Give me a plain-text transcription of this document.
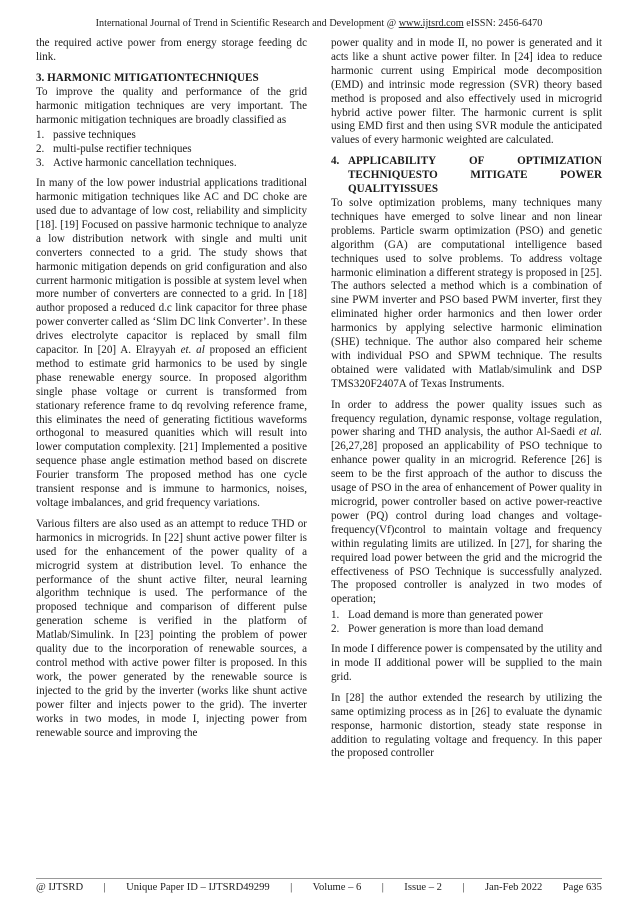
International Journal of Trend in Scientific Research and Development @ www.ijtsrd.com eISSN: 2456-6470

the required active power from energy storage feeding dc link.

3. HARMONIC MITIGATIONTECHNIQUES

To improve the quality and performance of the grid harmonic mitigation techniques are very important. The harmonic mitigation techniques are broadly classified as

1. passive techniques
2. multi-pulse rectifier techniques
3. Active harmonic cancellation techniques.

In many of the low power industrial applications traditional harmonic mitigation techniques like AC and DC choke are used due to advantage of low cost, reliability and simplicity [18]. [19] Focused on passive harmonic technique to analyze a low distribution network with single and multi unit converters connected to a grid. The study shows that harmonic mitigation depends on grid configuration and also current harmonic mitigation is possible at system level when more number of converters are connected to a grid. In [18] author proposed a reduced d.c link capacitor for three phase power converter called as ‘Slim DC link Converter’. In these drives electrolyte capacitor is replaced by small film capacitor. In [20] A. Elrayyah et. al proposed an efficient method to estimate grid harmonics to be used by single phase renewable energy source. In proposed algorithm single phase voltage or current is transformed from stationary reference frame to dq revolving reference frame, this eliminates the need of generating fictitious waveforms orthogonal to measured quanities which will result into lower computation complexity. [21] Implemented a positive sequence phase angle estimation method based on discrete Fourier transform The proposed method has one cycle transient response and is immune to harmonics, noises, voltage imbalances, and grid frequency variations.

Various filters are also used as an attempt to reduce THD or harmonics in microgrids. In [22] shunt active power filter is used for the enhancement of the power quality of a microgrid system at distribution level. To enhance the performance of the shunt active filter, neural learning algorithm technique is used. The performance of the proposed technique and comparison of different pulse generation scheme is verified in the platform of Matlab/Simulink. In [23] pointing the problem of power quality due to the incorporation of renewable sources, a control method with active power filter is proposed. In this work, the power generated by the renewable source is injected to the grid by the inverter (works like shunt active power filter and injects power to the grid). The inverter works in two modes, in mode I, injecting power from renewable source and improving the

power quality and in mode II, no power is generated and it acts like a shunt active power filter. In [24] idea to reduce harmonic current using Empirical mode decomposition (EMD) and intrinsic mode regression (SVR) theory based method is proposed and also effectively used in microgrid hybrid active power filter. The harmonic current is split using EMD first and then using SVR module the anticipated values of every harmonic weighted are calculated.

4. APPLICABILITY OF OPTIMIZATION TECHNIQUESTO MITIGATE POWER
QUALITYISSUES

To solve optimization problems, many techniques many techniques have emerged to solve linear and non linear problems. Particle swarm optimization (PSO) and genetic algorithm (GA) are computational intelligence based techniques used to solve problems. To address voltage harmonic elimination a different strategy is proposed in [25]. The authors selected a method which is a combination of sine PWM inverter and PSO based PWM inverter, first they eliminated higher order harmonics and then lower order harmonics by applying selective harmonic elimination (SHE) technique. The author also compared heir scheme with individual PSO and SPWM technique. The results obtained were validated with Matlab/simulink and DSP TMS320F2407A of Texas Instruments.

In order to address the power quality issues such as frequency regulation, dynamic response, voltage regulation, power sharing and THD analysis, the author Al-Saedi et al. [26,27,28] proposed an applicability of PSO technique to enhance power quality in an microgrid. Reference [26] is seem to be the first approach of the author to discuss the usage of PSO in the area of enhancement of Power quality in microgrid, power controller based on active power-reactive power (PQ) control during load changes and voltage-frequency(Vf)control to maintain voltage and frequency within regulating limits are utilized. In [27], for sharing the required load power between the grid and the microgrid the effectiveness of PSO Technique is successfully analyzed. The proposed controller is analyzed in two modes of operation;

1. Load demand is more than generated power
2. Power generation is more than load demand

In mode I difference power is compensated by the utility and in mode II additional power will be supplied to the main grid.

In [28] the author extended the research by utilizing the same optimizing process as in [26] to evaluate the dynamic response, harmonic distortion, steady state response in addition to regulating voltage and frequency. In this paper the proposed controller

@ IJTSRD | Unique Paper ID – IJTSRD49299 | Volume – 6 | Issue – 2 | Jan-Feb 2022 Page 635
